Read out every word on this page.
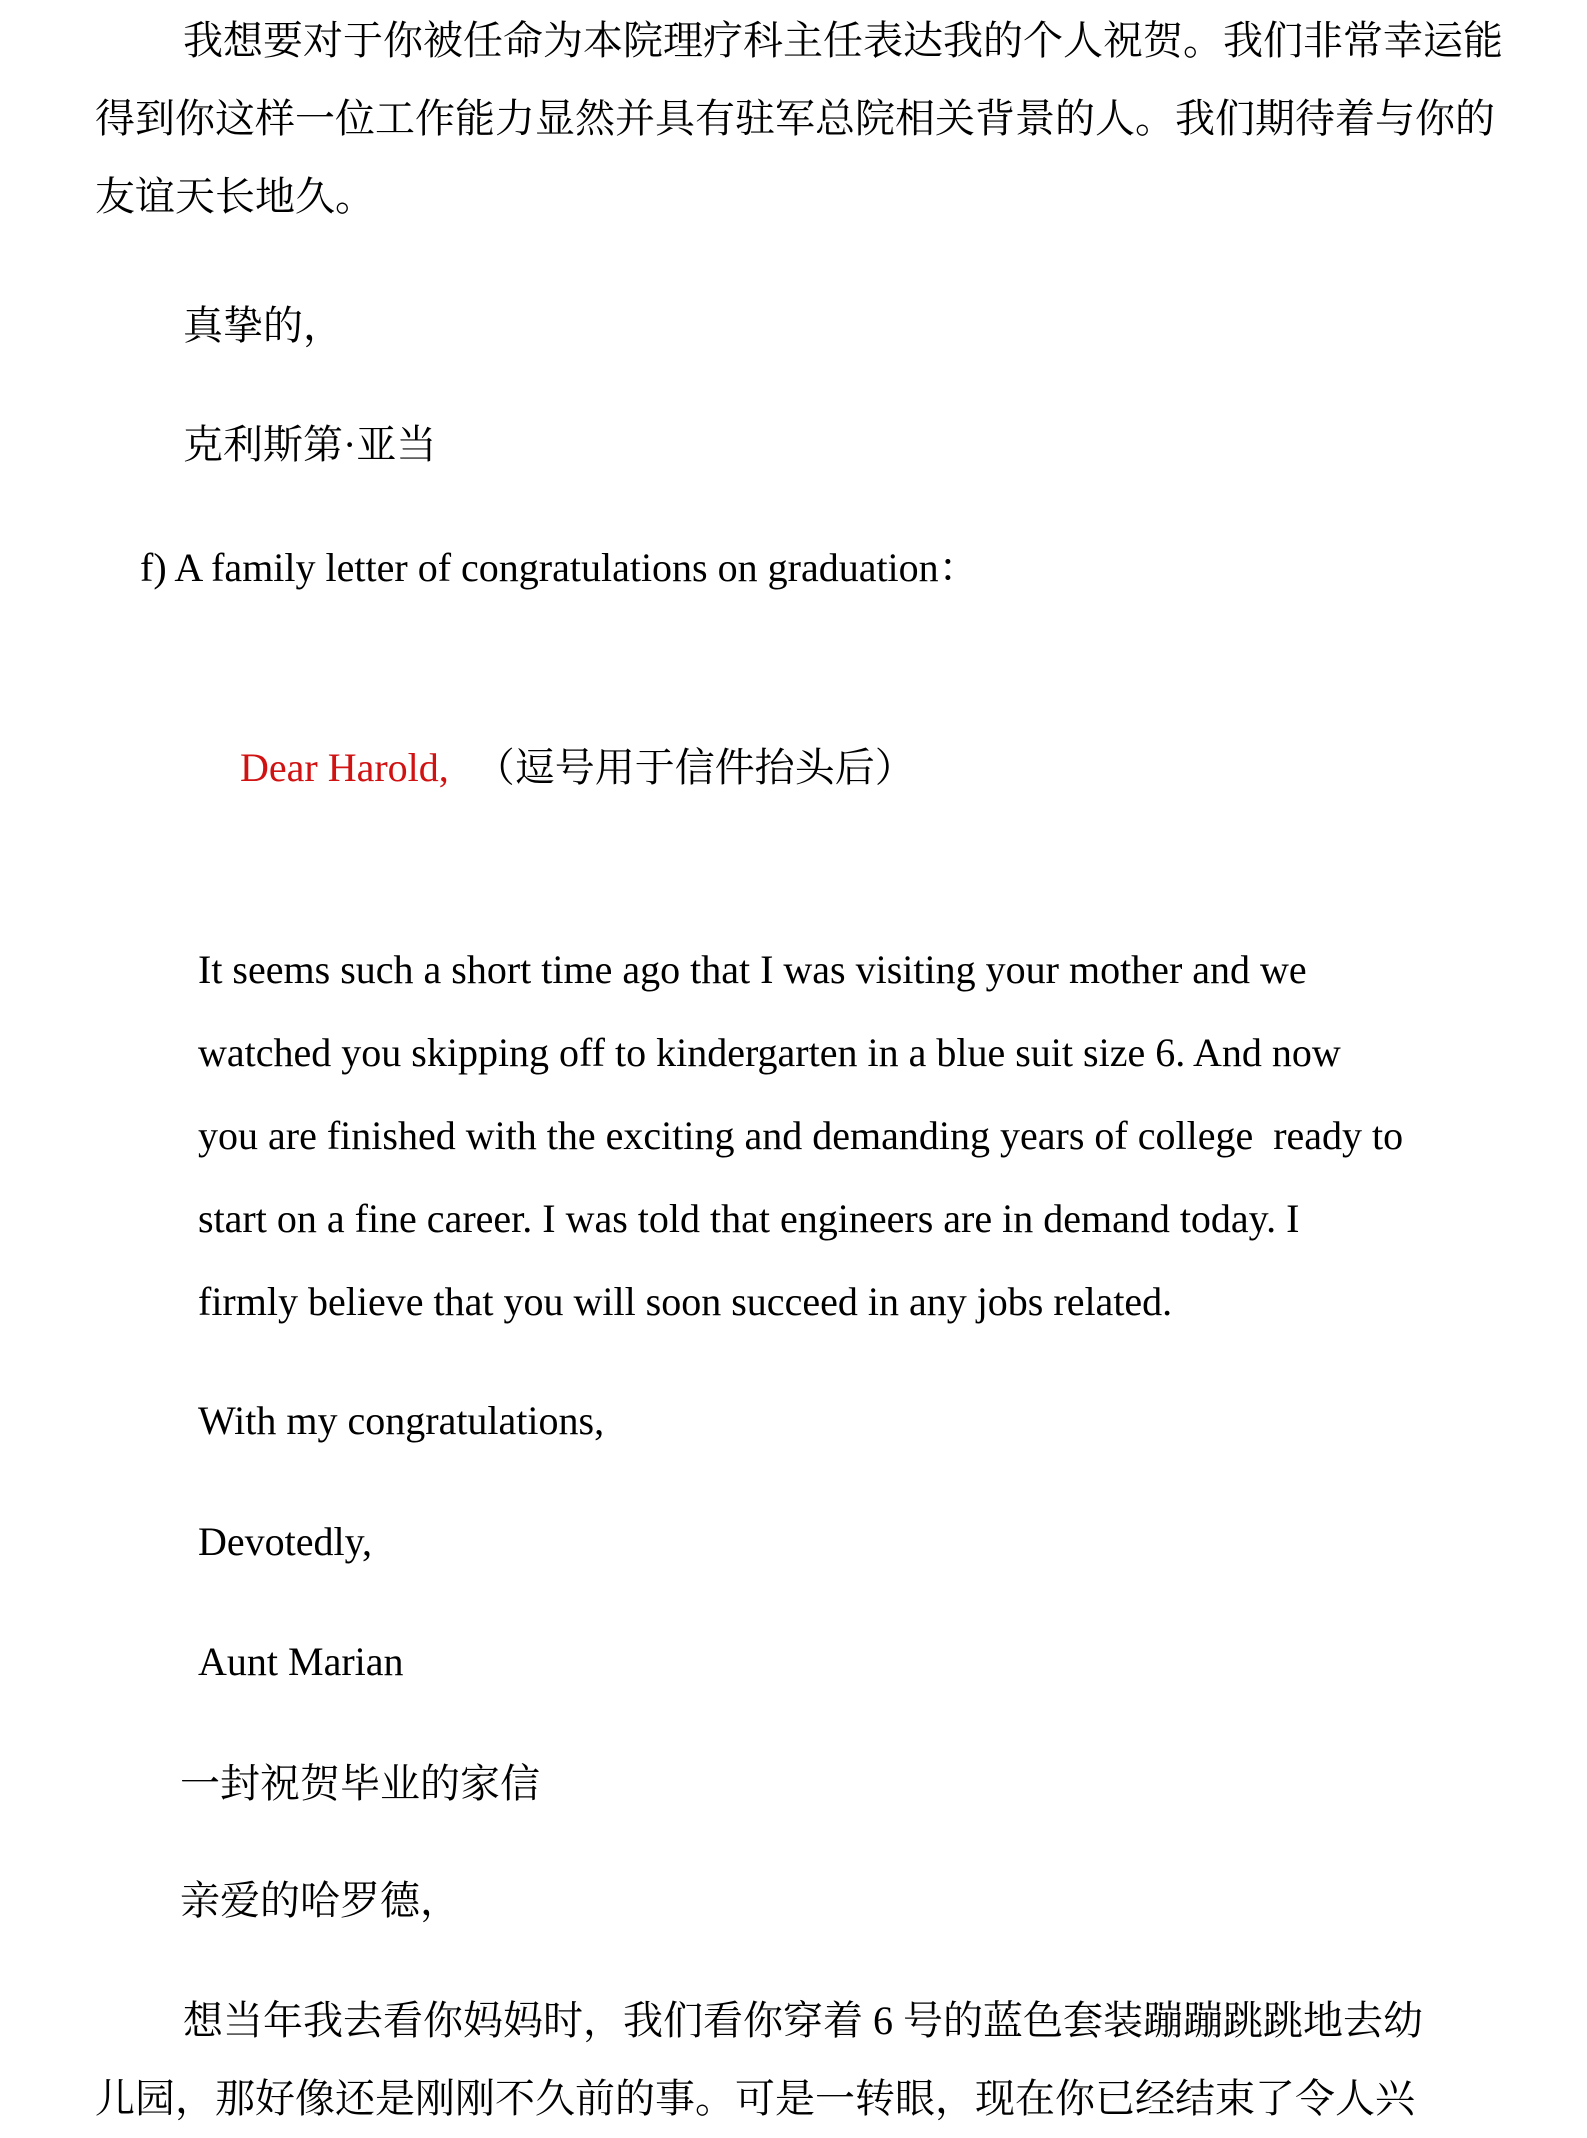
我想要对于你被任命为本院理疗科主任表达我的个人祝贺。我们非常幸运能
得到你这样一位工作能力显然并具有驻军总院相关背景的人。我们期待着与你的
友谊天长地久。
真挚的，
克利斯第·亚当
f) A family letter of congratulations on graduation：

Dear Harold, （逗号用于信件抬头后）

It seems such a short time ago that I was visiting your mother and we
watched you skipping off to kindergarten in a blue suit size 6. And now
you are finished with the exciting and demanding years of college  ready to
start on a fine career. I was told that engineers are in demand today. I
firmly believe that you will soon succeed in any jobs related.
With my congratulations,
Devotedly,
Aunt Marian
一封祝贺毕业的家信
亲爱的哈罗德，
想当年我去看你妈妈时，我们看你穿着 6 号的蓝色套装蹦蹦跳跳地去幼
儿园，那好像还是刚刚不久前的事。可是一转眼，现在你已经结束了令人兴
